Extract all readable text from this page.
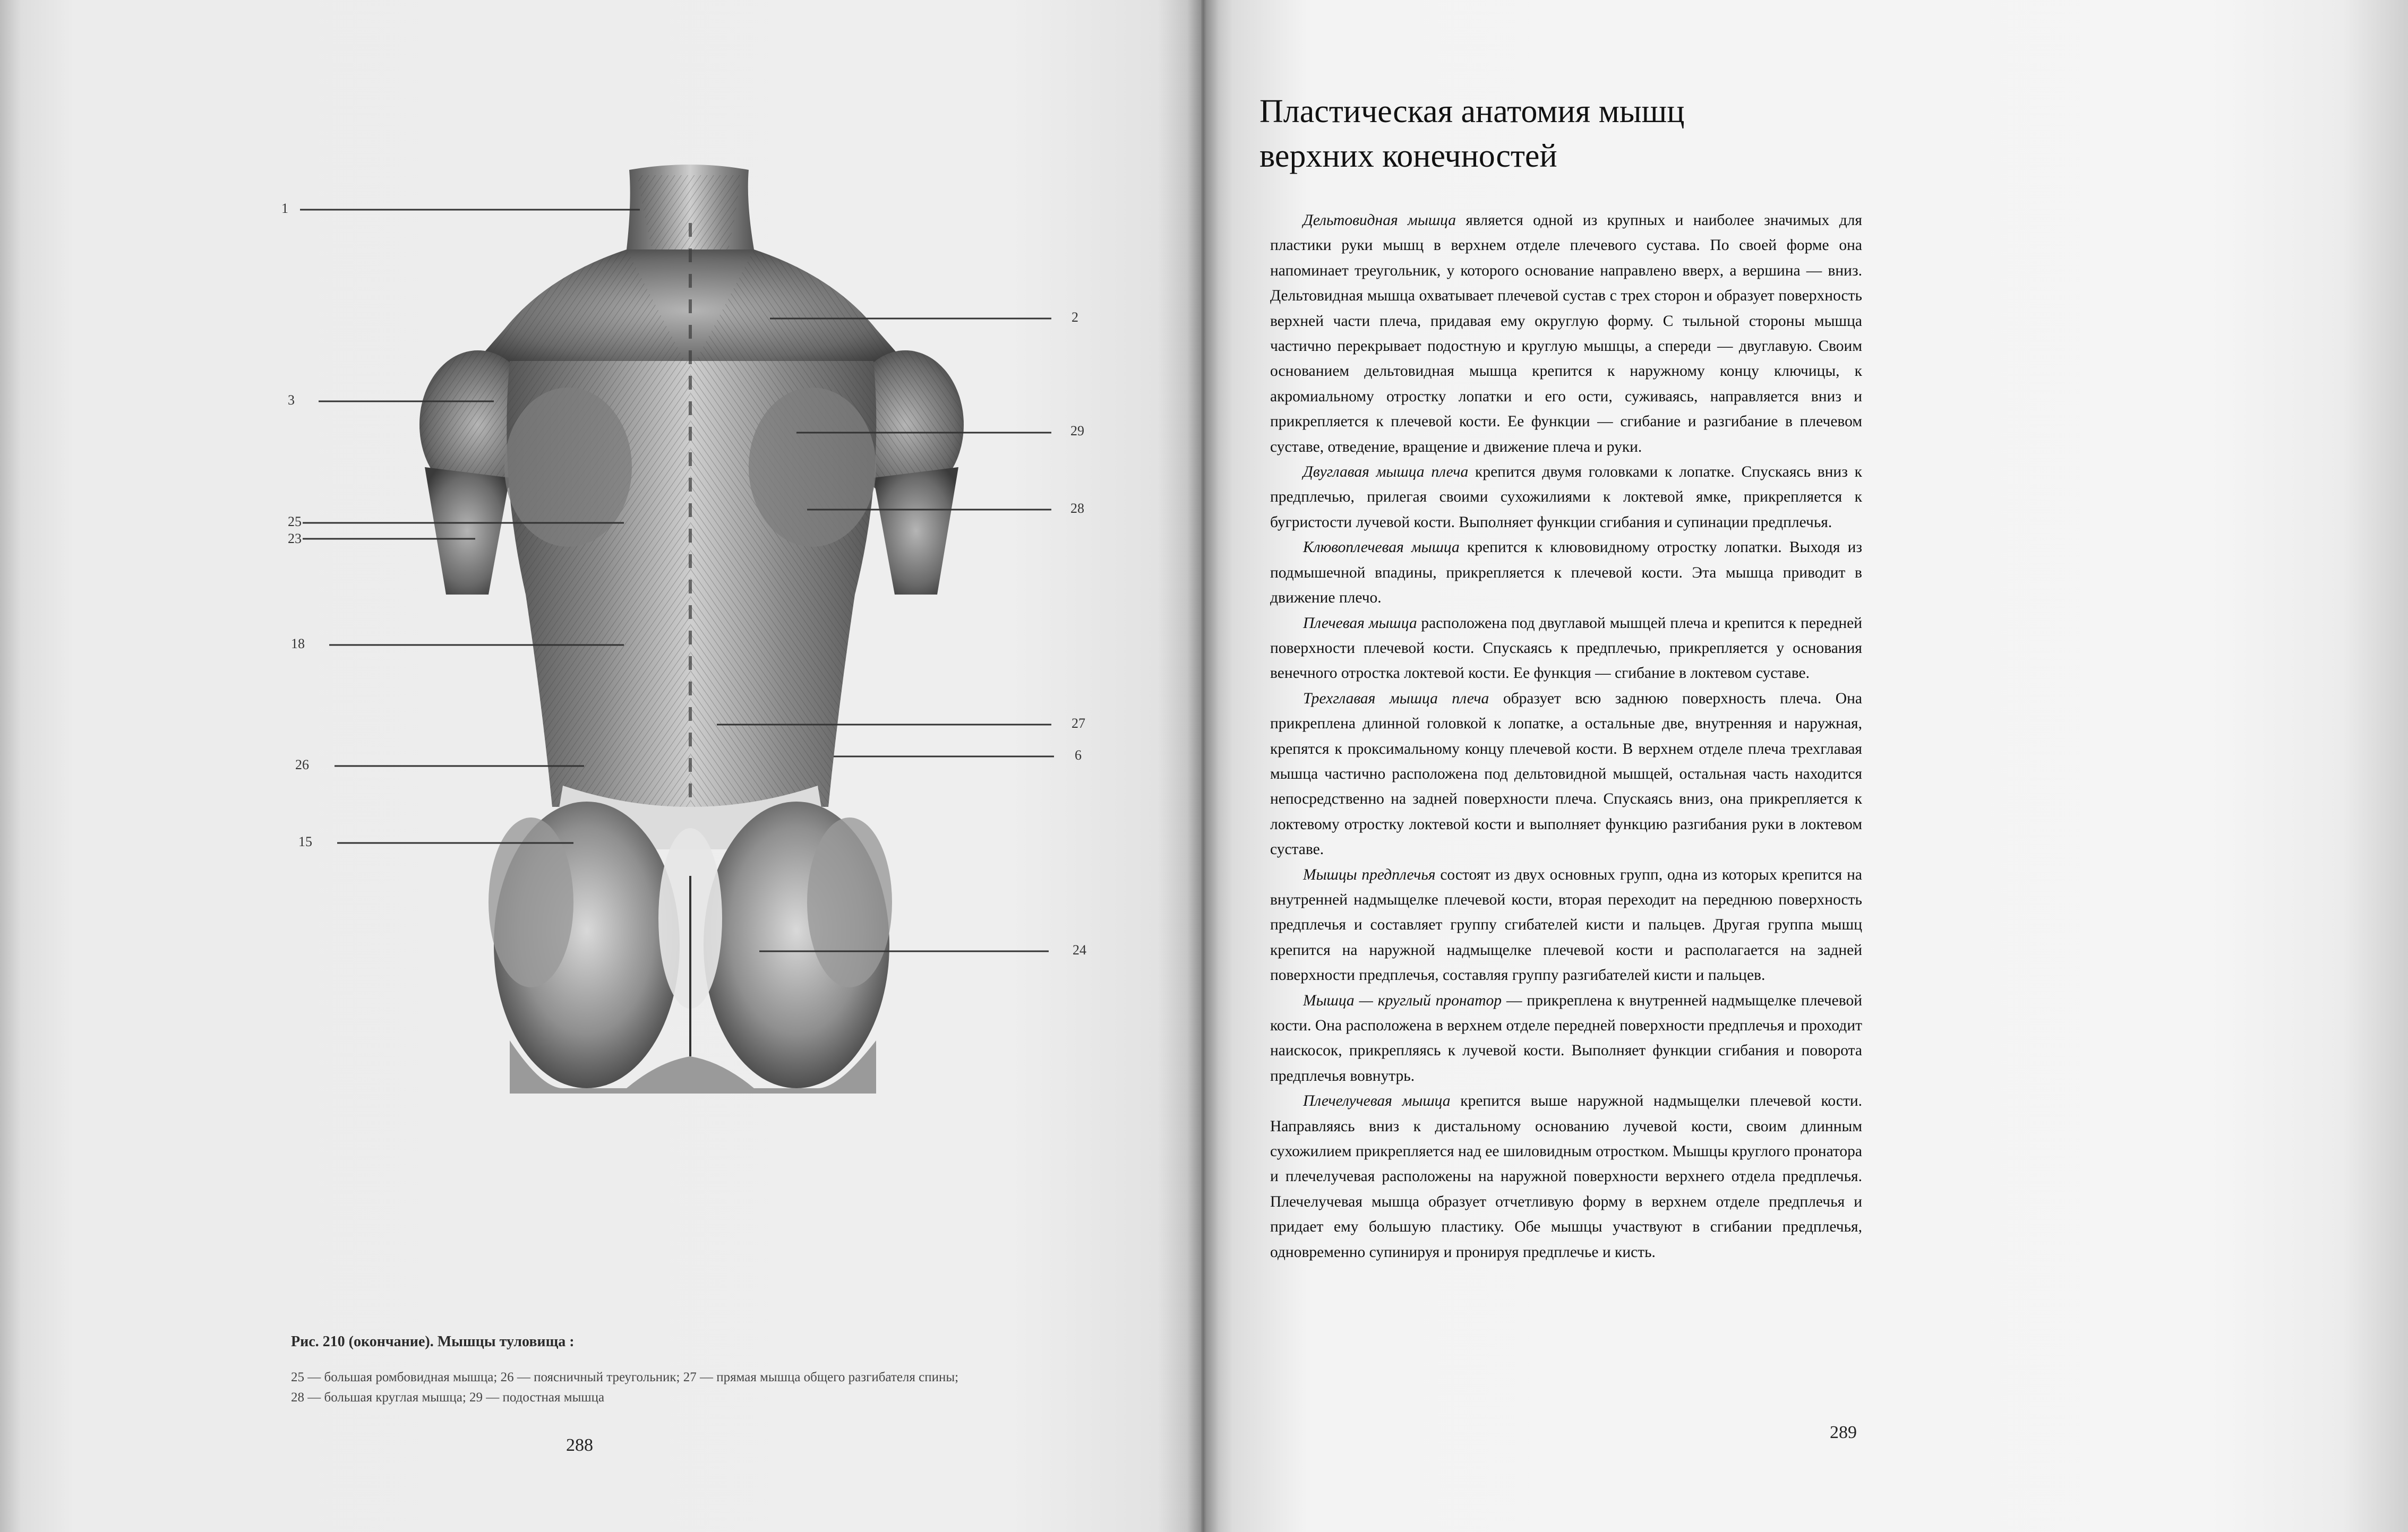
1
2
3
29
25
23
28
18
27
6
26
15
24
Рис. 210 (окончание). Мышцы туловища :
25 — большая ромбовидная мышца; 26 — поясничный треугольник; 27 — прямая мышца общего разгибателя спины;
28 — большая круглая мышца; 29 — подостная мышца
288
Пластическая анатомия мышц
верхних конечностей

Дельтовидная мышца является одной из крупных и наиболее значимых для пластики руки мышц в верхнем отделе плечевого сустава. По своей форме она напоминает треугольник, у которого основание направлено вверх, а вершина — вниз. Дельтовидная мышца охватывает плечевой сустав с трех сторон и образует поверхность верхней части плеча, придавая ему округлую форму. С тыльной стороны мышца частично перекрывает подостную и круглую мышцы, а спереди — двуглавую. Своим основанием дельтовидная мышца крепится к наружному концу ключицы, к акромиальному отростку лопатки и его ости, суживаясь, направляется вниз и прикрепляется к плечевой кости. Ее функции — сгибание и разгибание в плечевом суставе, отведение, вращение и движение плеча и руки.

Двуглавая мышца плеча крепится двумя головками к лопатке. Спускаясь вниз к предплечью, прилегая своими сухожилиями к локтевой ямке, прикрепляется к бугристости лучевой кости. Выполняет функции сгибания и супинации предплечья.

Клювоплечевая мышца крепится к клювовидному отростку лопатки. Выходя из подмышечной впадины, прикрепляется к плечевой кости. Эта мышца приводит в движение плечо.

Плечевая мышца расположена под двуглавой мышцей плеча и крепится к передней поверхности плечевой кости. Спускаясь к предплечью, прикрепляется у основания венечного отростка локтевой кости. Ее функция — сгибание в локтевом суставе.

Трехглавая мышца плеча образует всю заднюю поверхность плеча. Она прикреплена длинной головкой к лопатке, а остальные две, внутренняя и наружная, крепятся к проксимальному концу плечевой кости. В верхнем отделе плеча трехглавая мышца частично расположена под дельтовидной мышцей, остальная часть находится непосредственно на задней поверхности плеча. Спускаясь вниз, она прикрепляется к локтевому отростку локтевой кости и выполняет функцию разгибания руки в локтевом суставе.

Мышцы предплечья состоят из двух основных групп, одна из которых крепится на внутренней надмыщелке плечевой кости, вторая переходит на переднюю поверхность предплечья и составляет группу сгибателей кисти и пальцев. Другая группа мышц крепится на наружной надмыщелке плечевой кости и располагается на задней поверхности предплечья, составляя группу разгибателей кисти и пальцев.

Мышца — круглый пронатор — прикреплена к внутренней надмыщелке плечевой кости. Она расположена в верхнем отделе передней поверхности предплечья и проходит наискосок, прикрепляясь к лучевой кости. Выполняет функции сгибания и поворота предплечья вовнутрь.

Плечелучевая мышца крепится выше наружной надмыщелки плечевой кости. Направляясь вниз к дистальному основанию лучевой кости, своим длинным сухожилием прикрепляется над ее шиловидным отростком. Мышцы круглого пронатора и плечелучевая расположены на наружной поверхности верхнего отдела предплечья. Плечелучевая мышца образует отчетливую форму в верхнем отделе предплечья и придает ему большую пластику. Обе мышцы участвуют в сгибании предплечья, одновременно супинируя и пронируя предплечье и кисть.

289
